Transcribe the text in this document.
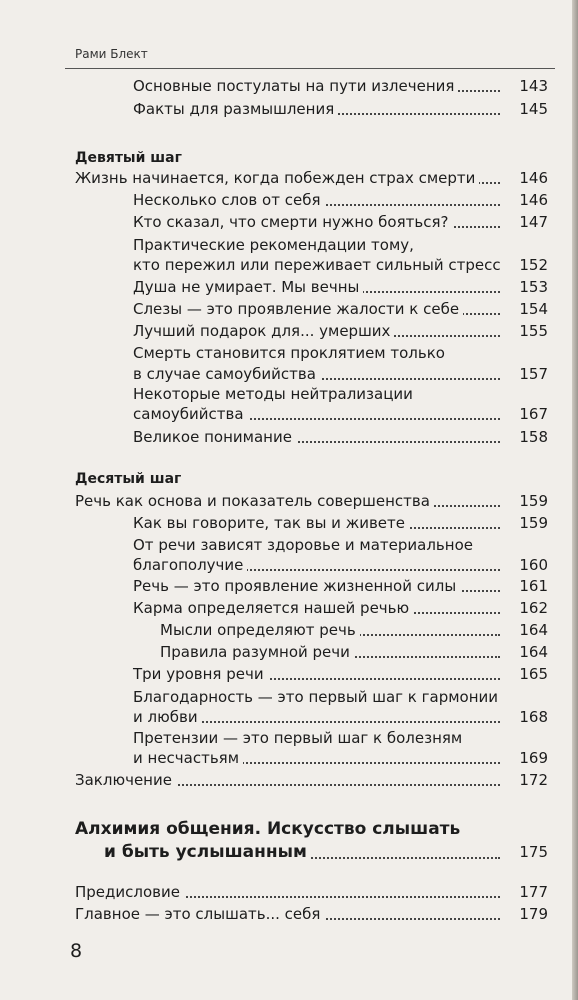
Рами Блект
Основные постулаты на пути излечения	143
Факты для размышления	145
Девятый шаг
Жизнь начинается, когда побежден страх смерти	146
Несколько слов от себя	146
Кто сказал, что смерти нужно бояться?	147
Практические рекомендации тому,
кто пережил или переживает сильный стресс	152
Душа не умирает. Мы вечны	153
Слезы — это проявление жалости к себе	154
Лучший подарок для... умерших	155
Смерть становится проклятием только
в случае самоубийства	157
Некоторые методы нейтрализации
самоубийства	167
Великое понимание	158
Десятый шаг
Речь как основа и показатель совершенства	159
Как вы говорите, так вы и живете	159
От речи зависят здоровье и материальное
благополучие	160
Речь — это проявление жизненной силы	161
Карма определяется нашей речью	162
Мысли определяют речь	164
Правила разумной речи	164
Три уровня речи	165
Благодарность — это первый шаг к гармонии
и любви	168
Претензии — это первый шаг к болезням
и несчастьям	169
Заключение	172
Алхимия общения. Искусство слышать
и быть услышанным	175
Предисловие	177
Главное — это слышать... себя	179
8
